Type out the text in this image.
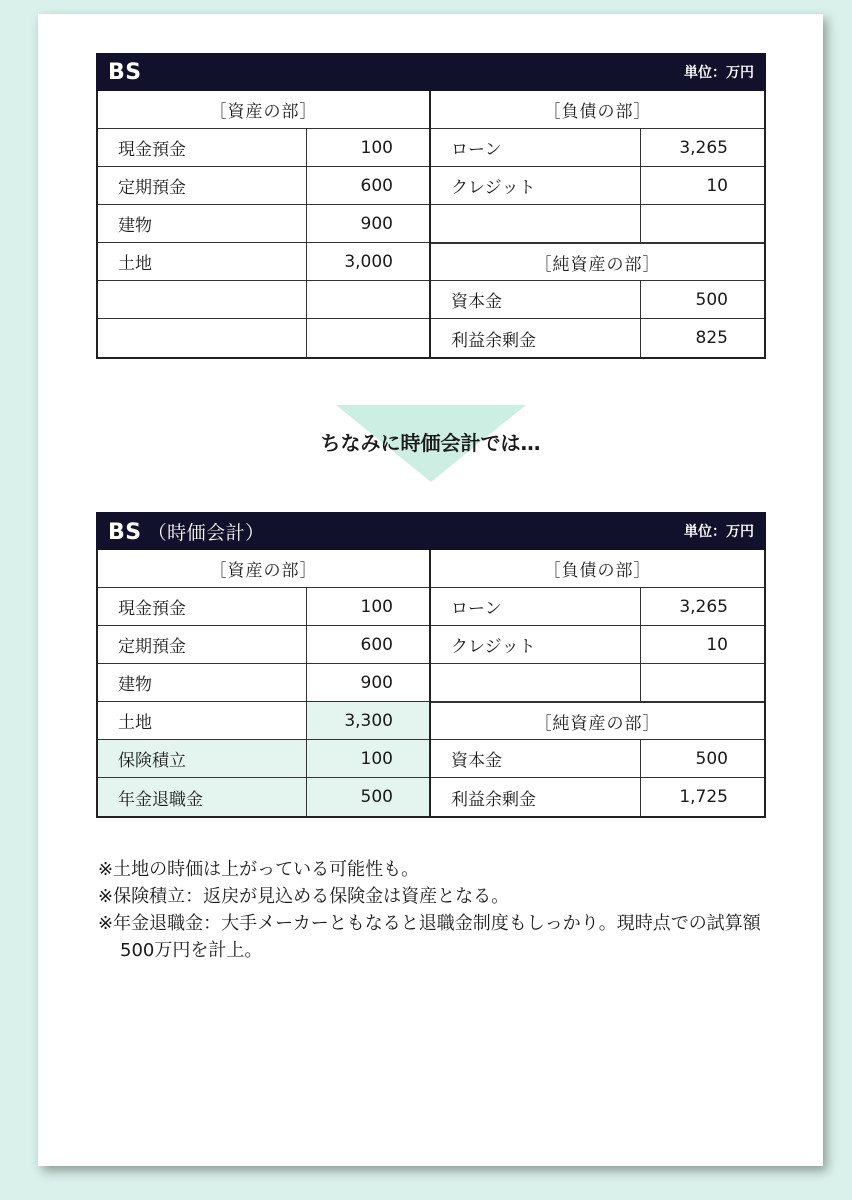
BS	単位：万円
［資産の部］
現金預金	100
定期預金	600
建物	900
土地	3,000
［負債の部］
ローン	3,265
クレジット	10
［純資産の部］
資本金	500
利益余剰金	825
ちなみに時価会計では…
BS （時価会計）	単位：万円
［資産の部］
現金預金	100
定期預金	600
建物	900
土地	3,300
保険積立	100
年金退職金	500
［負債の部］
ローン	3,265
クレジット	10
［純資産の部］
資本金	500
利益余剰金	1,725
※土地の時価は上がっている可能性も。
※保険積立：返戻が見込める保険金は資産となる。
※年金退職金：大手メーカーともなると退職金制度もしっかり。現時点での試算額500万円を計上。
